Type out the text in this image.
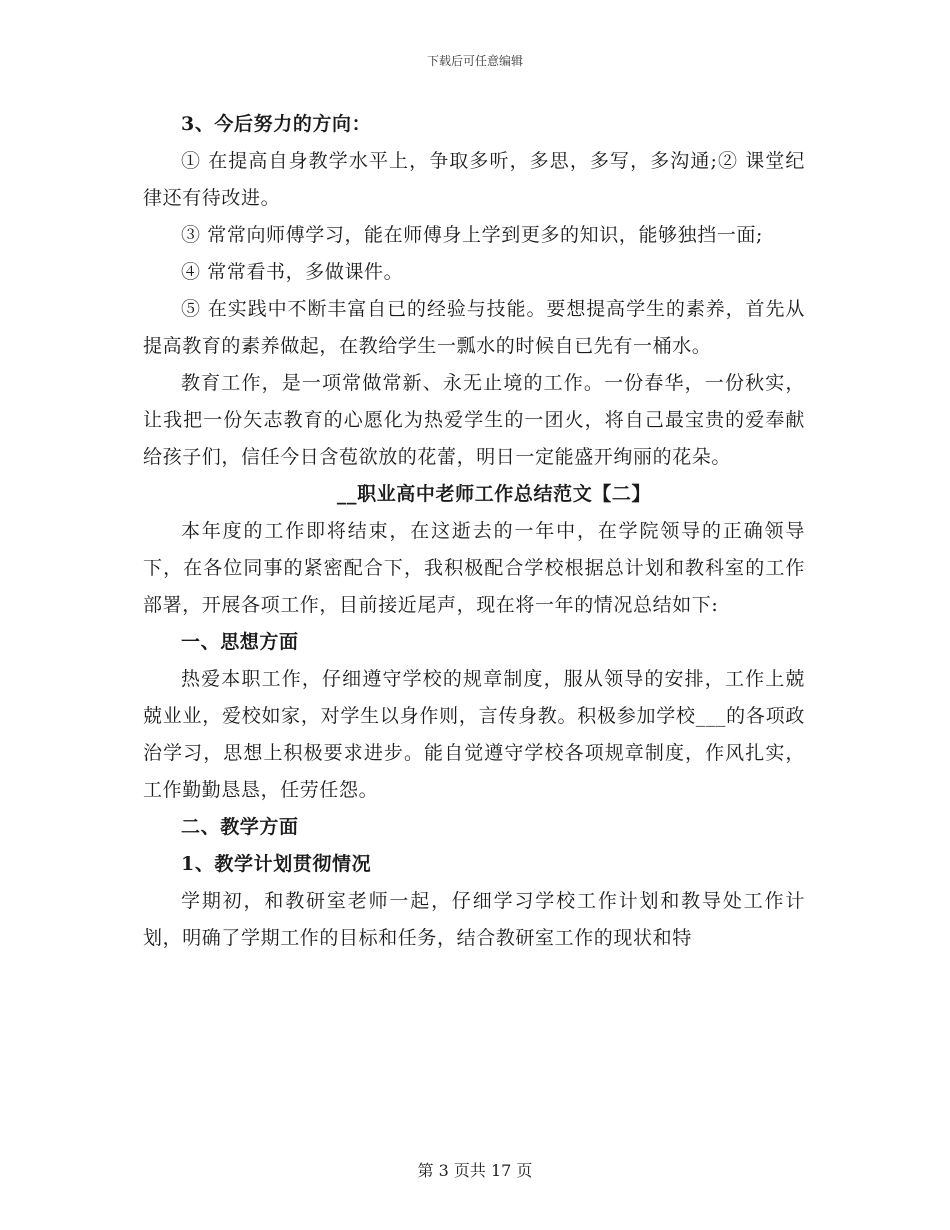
下载后可任意编辑

3、今后努力的方向：

① 在提高自身教学水平上，争取多听，多思，多写，多沟通;② 课堂纪律还有待改进。

③ 常常向师傅学习，能在师傅身上学到更多的知识，能够独挡一面;

④ 常常看书，多做课件。

⑤ 在实践中不断丰富自已的经验与技能。要想提高学生的素养，首先从提高教育的素养做起，在教给学生一瓢水的时候自已先有一桶水。

教育工作，是一项常做常新、永无止境的工作。一份春华，一份秋实，让我把一份矢志教育的心愿化为热爱学生的一团火，将自己最宝贵的爱奉献给孩子们，信任今日含苞欲放的花蕾，明日一定能盛开绚丽的花朵。

__职业高中老师工作总结范文【二】

本年度的工作即将结束，在这逝去的一年中，在学院领导的正确领导下，在各位同事的紧密配合下，我积极配合学校根据总计划和教科室的工作部署，开展各项工作，目前接近尾声，现在将一年的情况总结如下:

一、思想方面

热爱本职工作，仔细遵守学校的规章制度，服从领导的安排，工作上兢兢业业，爱校如家，对学生以身作则，言传身教。积极参加学校___的各项政治学习，思想上积极要求进步。能自觉遵守学校各项规章制度，作风扎实，工作勤勤恳恳，任劳任怨。

二、教学方面

1、教学计划贯彻情况

学期初，和教研室老师一起，仔细学习学校工作计划和教导处工作计划，明确了学期工作的目标和任务，结合教研室工作的现状和特

第 3 页共 17 页
